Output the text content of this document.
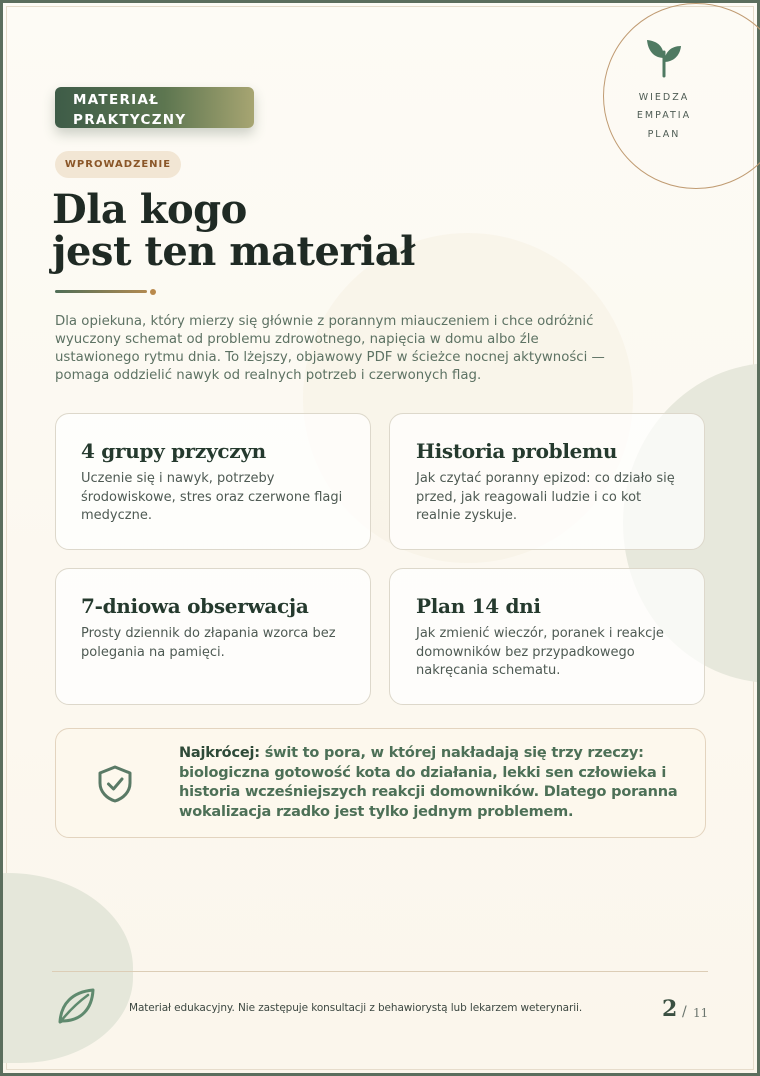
WIEDZA
EMPATIA
PLAN
MATERIAŁ
PRAKTYCZNY
WPROWADZENIE
Dla kogo
jest ten materiał

Dla opiekuna, który mierzy się głównie z porannym miauczeniem i chce odróżnić wyuczony schemat od problemu zdrowotnego, napięcia w domu albo źle ustawionego rytmu dnia. To lżejszy, objawowy PDF w ścieżce nocnej aktywności — pomaga oddzielić nawyk od realnych potrzeb i czerwonych flag.

4 grupy przyczyn

Uczenie się i nawyk, potrzeby środowiskowe, stres oraz czerwone flagi medyczne.

Historia problemu

Jak czytać poranny epizod: co działo się przed, jak reagowali ludzie i co kot realnie zyskuje.

7-dniowa obserwacja

Prosty dziennik do złapania wzorca bez polegania na pamięci.

Plan 14 dni

Jak zmienić wieczór, poranek i reakcje domowników bez przypadkowego nakręcania schematu.

Najkrócej: świt to pora, w której nakładają się trzy rzeczy: biologiczna gotowość kota do działania, lekki sen człowieka i historia wcześniejszych reakcji domowników. Dlatego poranna wokalizacja rzadko jest tylko jednym problemem.

Materiał edukacyjny. Nie zastępuje konsultacji z behawiorystą lub lekarzem weterynarii.	2 / 11
